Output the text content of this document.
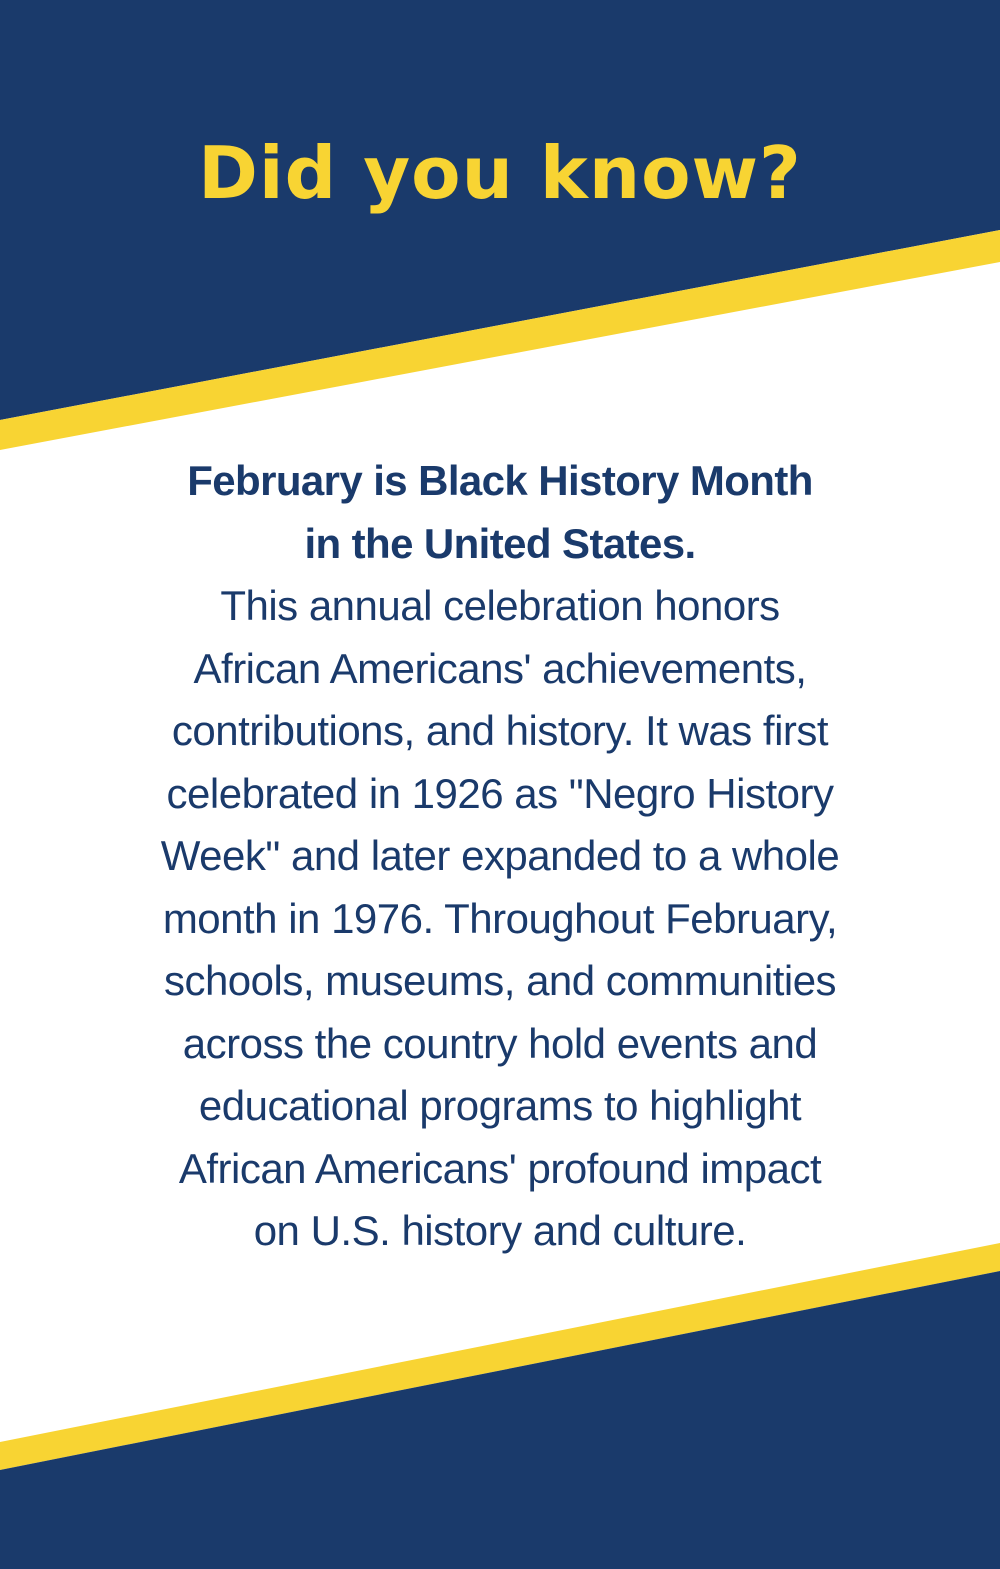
Did you know?
February is Black History Month
in the United States.
This annual celebration honors
African Americans' achievements,
contributions, and history. It was first
celebrated in 1926 as "Negro History
Week" and later expanded to a whole
month in 1976. Throughout February,
schools, museums, and communities
across the country hold events and
educational programs to highlight
African Americans' profound impact
on U.S. history and culture.
